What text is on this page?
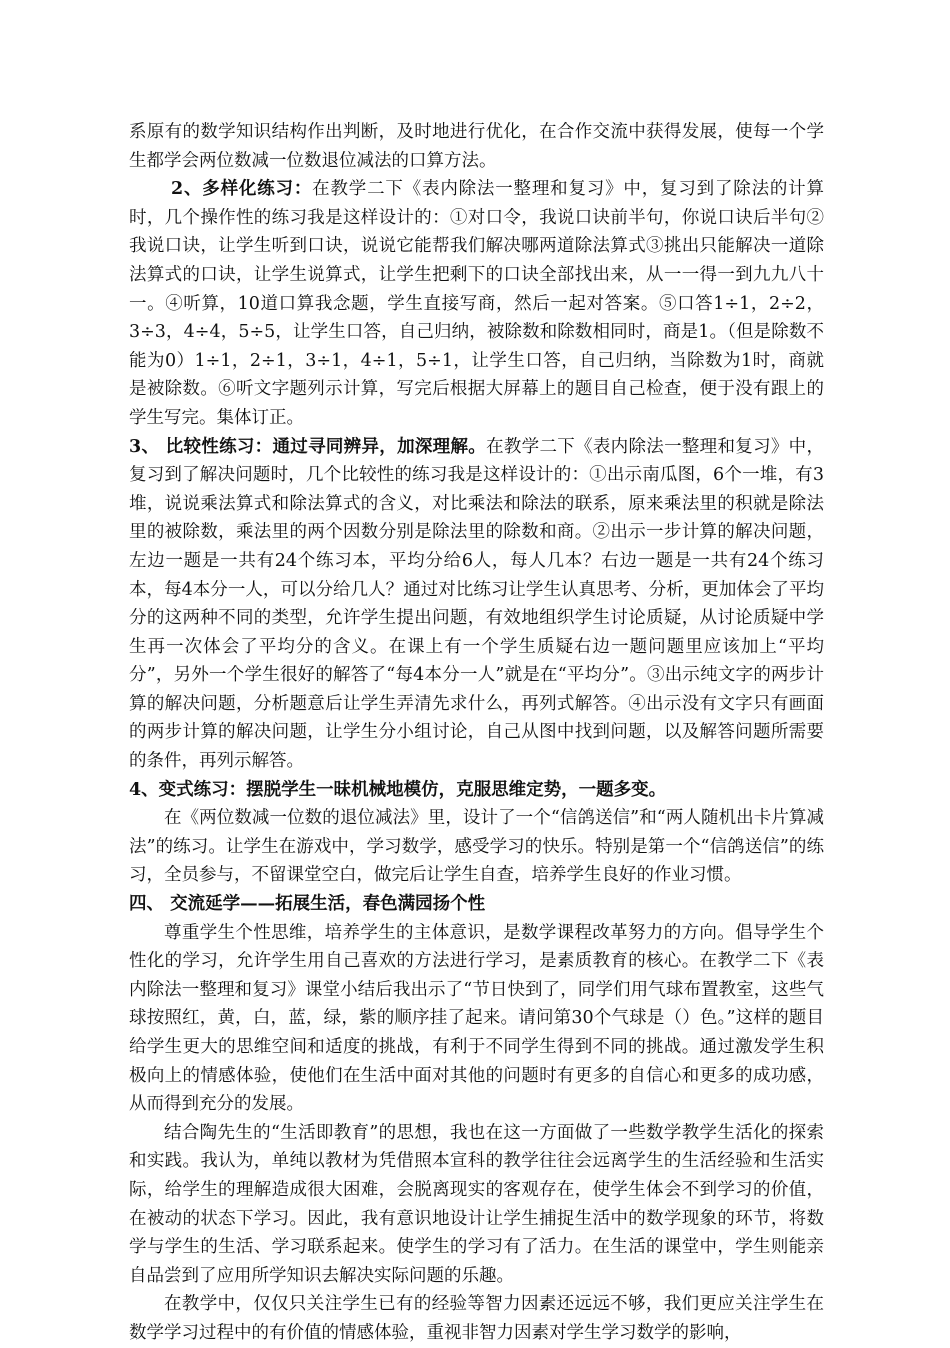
系原有的数学知识结构作出判断，及时地进行优化，在合作交流中获得发展，使每一个学生都学会两位数减一位数退位减法的口算方法。

2、多样化练习：在教学二下《表内除法一整理和复习》中，复习到了除法的计算时，几个操作性的练习我是这样设计的：①对口令，我说口诀前半句，你说口诀后半句②我说口诀，让学生听到口诀，说说它能帮我们解决哪两道除法算式③挑出只能解决一道除法算式的口诀，让学生说算式，让学生把剩下的口诀全部找出来，从一一得一到九九八十一。④听算，10道口算我念题，学生直接写商，然后一起对答案。⑤口答1÷1，2÷2，3÷3，4÷4，5÷5，让学生口答，自己归纳，被除数和除数相同时，商是1。（但是除数不能为0）1÷1，2÷1，3÷1，4÷1，5÷1，让学生口答，自己归纳，当除数为1时，商就是被除数。⑥听文字题列示计算，写完后根据大屏幕上的题目自己检查，便于没有跟上的学生写完。集体订正。

3、 比较性练习：通过寻同辨异，加深理解。在教学二下《表内除法一整理和复习》中，复习到了解决问题时，几个比较性的练习我是这样设计的：①出示南瓜图，6个一堆，有3堆，说说乘法算式和除法算式的含义，对比乘法和除法的联系，原来乘法里的积就是除法里的被除数，乘法里的两个因数分别是除法里的除数和商。②出示一步计算的解决问题，左边一题是一共有24个练习本，平均分给6人，每人几本？右边一题是一共有24个练习本，每4本分一人，可以分给几人？通过对比练习让学生认真思考、分析，更加体会了平均分的这两种不同的类型，允许学生提出问题，有效地组织学生讨论质疑，从讨论质疑中学生再一次体会了平均分的含义。在课上有一个学生质疑右边一题问题里应该加上“平均分”，另外一个学生很好的解答了“每4本分一人”就是在“平均分”。③出示纯文字的两步计算的解决问题，分析题意后让学生弄清先求什么，再列式解答。④出示没有文字只有画面的两步计算的解决问题，让学生分小组讨论，自己从图中找到问题，以及解答问题所需要的条件，再列示解答。

4、变式练习：摆脱学生一昧机械地模仿，克服思维定势，一题多变。

在《两位数减一位数的退位减法》里，设计了一个“信鸽送信”和“两人随机出卡片算减法”的练习。让学生在游戏中，学习数学，感受学习的快乐。特别是第一个“信鸽送信”的练习，全员参与，不留课堂空白，做完后让学生自查，培养学生良好的作业习惯。

四、 交流延学——拓展生活，春色满园扬个性

尊重学生个性思维，培养学生的主体意识，是数学课程改革努力的方向。倡导学生个性化的学习，允许学生用自己喜欢的方法进行学习，是素质教育的核心。在教学二下《表内除法一整理和复习》课堂小结后我出示了“节日快到了，同学们用气球布置教室，这些气球按照红，黄，白，蓝，绿，紫的顺序挂了起来。请问第30个气球是（）色。”这样的题目给学生更大的思维空间和适度的挑战，有利于不同学生得到不同的挑战。通过激发学生积极向上的情感体验，使他们在生活中面对其他的问题时有更多的自信心和更多的成功感，从而得到充分的发展。

结合陶先生的“生活即教育”的思想，我也在这一方面做了一些数学教学生活化的探索和实践。我认为，单纯以教材为凭借照本宣科的教学往往会远离学生的生活经验和生活实际，给学生的理解造成很大困难，会脱离现实的客观存在，使学生体会不到学习的价值，在被动的状态下学习。因此，我有意识地设计让学生捕捉生活中的数学现象的环节，将数学与学生的生活、学习联系起来。使学生的学习有了活力。在生活的课堂中，学生则能亲自品尝到了应用所学知识去解决实际问题的乐趣。

在教学中，仅仅只关注学生已有的经验等智力因素还远远不够，我们更应关注学生在数学学习过程中的有价值的情感体验，重视非智力因素对学生学习数学的影响，
